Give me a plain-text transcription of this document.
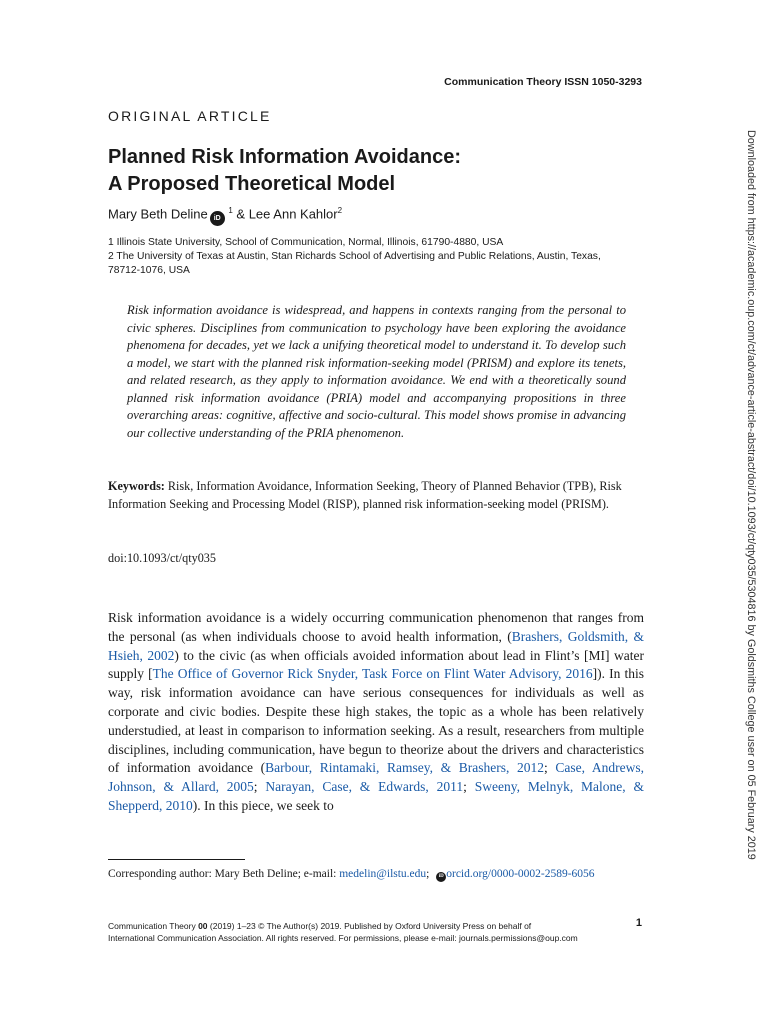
Communication Theory ISSN 1050-3293
ORIGINAL ARTICLE
Planned Risk Information Avoidance:
A Proposed Theoretical Model
Mary Beth Deline iD $^1$ & Lee Ann Kahlor$^2$
1 Illinois State University, School of Communication, Normal, Illinois, 61790-4880, USA
2 The University of Texas at Austin, Stan Richards School of Advertising and Public Relations, Austin, Texas, 78712-1076, USA

Risk information avoidance is widespread, and happens in contexts ranging from the personal to civic spheres. Disciplines from communication to psychology have been exploring the avoidance phenomena for decades, yet we lack a unifying theoretical model to understand it. To develop such a model, we start with the planned risk information-seeking model (PRISM) and explore its tenets, and related research, as they apply to information avoidance. We end with a theoretically sound planned risk information avoidance (PRIA) model and accompanying propositions in three overarching areas: cognitive, affective and socio-cultural. This model shows promise in advancing our collective understanding of the PRIA phenomenon.

Keywords: Risk, Information Avoidance, Information Seeking, Theory of Planned Behavior (TPB), Risk Information Seeking and Processing Model (RISP), planned risk information-seeking model (PRISM).

doi:10.1093/ct/qty035

Risk information avoidance is a widely occurring communication phenomenon that ranges from the personal (as when individuals choose to avoid health information, (Brashers, Goldsmith, & Hsieh, 2002) to the civic (as when officials avoided information about lead in Flint’s [MI] water supply [The Office of Governor Rick Snyder, Task Force on Flint Water Advisory, 2016]). In this way, risk information avoidance can have serious consequences for individuals as well as corporate and civic bodies. Despite these high stakes, the topic as a whole has been relatively understudied, at least in comparison to information seeking. As a result, researchers from multiple disciplines, including communication, have begun to theorize about the drivers and characteristics of information avoidance (Barbour, Rintamaki, Ramsey, & Brashers, 2012; Case, Andrews, Johnson, & Allard, 2005; Narayan, Case, & Edwards, 2011; Sweeny, Melnyk, Malone, & Shepperd, 2010). In this piece, we seek to

Corresponding author: Mary Beth Deline; e-mail: medelin@ilstu.edu; iD orcid.org/0000-0002-2589-6056

Communication Theory 00 (2019) 1–23 © The Author(s) 2019. Published by Oxford University Press on behalf of
International Communication Association. All rights reserved. For permissions, please e-mail: journals.permissions@oup.com
1
Downloaded from https://academic.oup.com/ct/advance-article-abstract/doi/10.1093/ct/qty035/5304816 by Goldsmiths College user on 05 February 2019
